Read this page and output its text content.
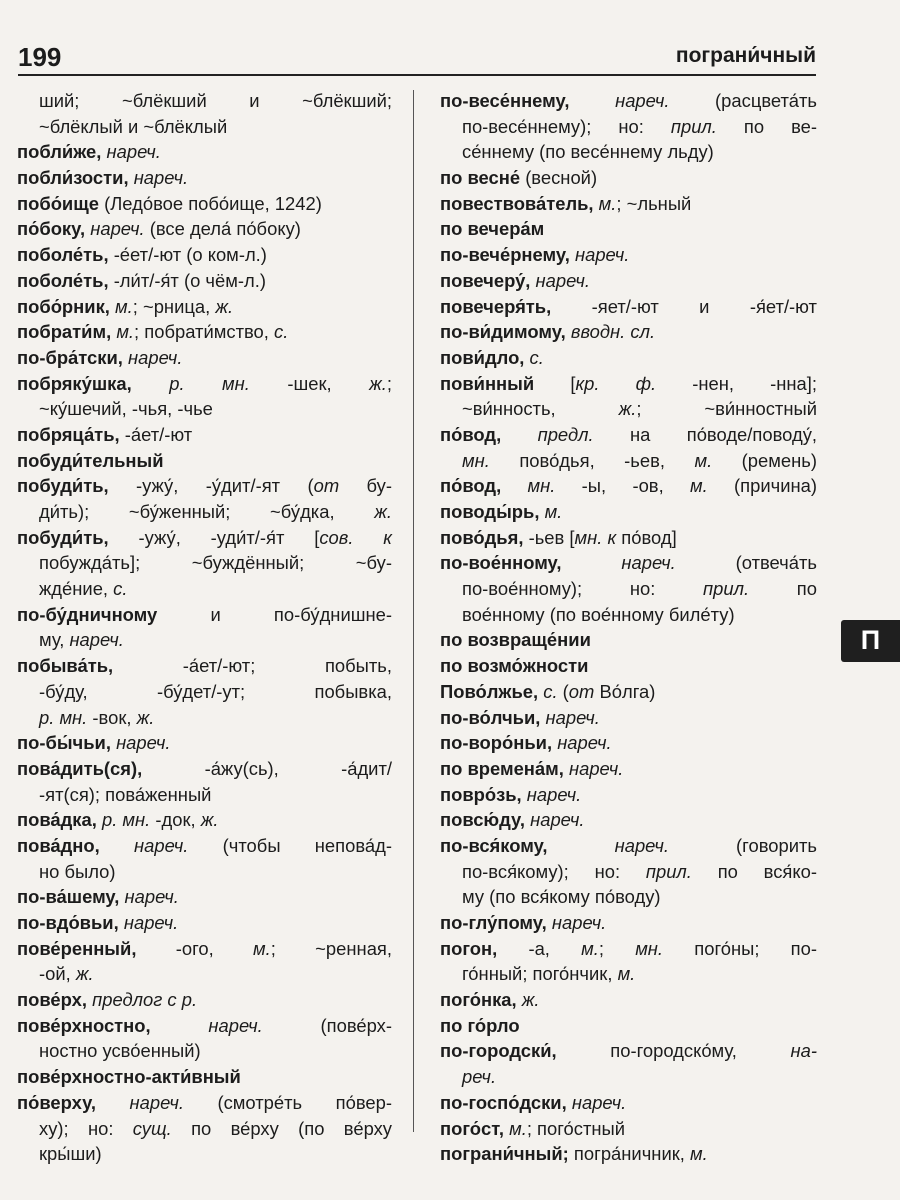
199	пограни́чный
ший; ~блёкший и ~блёкший;
~блёклый и ~блёклый
побли́же, нареч.
побли́зости, нареч.
побо́ище (Ледо́вое побо́ище, 1242)
по́боку, нареч. (все дела́ по́боку)
поболе́ть, -е́ет/-ют (о ком-л.)
поболе́ть, -ли́т/-я́т (о чём-л.)
побо́рник, м.; ~рница, ж.
побрати́м, м.; побрати́мство, с.
по-бра́тски, нареч.
побряку́шка, р. мн. -шек, ж.;
~ку́шечий, -чья, -чье
побряца́ть, -а́ет/-ют
побуди́тельный
побуди́ть, -ужу́, -у́дит/-ят (от бу-
ди́ть); ~бу́женный; ~бу́дка, ж.
побуди́ть, -ужу́, -уди́т/-я́т [сов. к
побужда́ть]; ~буждённый; ~бу-
жде́ние, с.
по-бу́дничному и по-бу́днишне-
му, нареч.
побыва́ть, -а́ет/-ют; побыть,
-бу́ду, -бу́дет/-ут; побывка,
р. мн. -вок, ж.
по-бы́чьи, нареч.
пова́дить(ся), -а́жу(сь), -а́дит/
-ят(ся); пова́женный
пова́дка, р. мн. -док, ж.
пова́дно, нареч. (чтобы непова́д-
но было)
по-ва́шему, нареч.
по-вдо́вьи, нареч.
пове́ренный, -ого, м.; ~ренная,
-ой, ж.
пове́рх, предлог с р.
пове́рхностно,	нареч. (пове́рх-
ностно усво́енный)
пове́рхностно-акти́вный
по́верху, нареч. (смотре́ть по́вер-
ху); но: сущ. по ве́рху (по ве́рху
кры́ши)
по-весе́ннему, нареч. (расцвета́ть
по-весе́ннему); но: прил. по ве-
се́ннему (по весе́ннему льду)
по весне́ (весной)
повествова́тель, м.; ~льный
по вечера́м
по-вече́рнему, нареч.
повечеру́, нареч.
повечеря́ть, -яет/-ют и -я́ет/-ют
по-ви́димому, вводн. сл.
пови́дло, с.
пови́нный [кр. ф. -нен, -нна];
~ви́нность, ж.; ~ви́нностный
по́вод, предл. на по́воде/поводу́,
мн. пово́дья, -ьев, м. (ремень)
по́вод, мн. -ы, -ов, м. (причина)
поводы́рь, м.
пово́дья, -ьев [мн. к по́вод]
по-вое́нному,	нареч. (отвеча́ть
по-вое́нному); но: прил. по
вое́нному (по вое́нному биле́ту)
по возвраще́нии
по возмо́жности
Пово́лжье, с. (от Во́лга)
по-во́лчьи, нареч.
по-воро́ньи, нареч.
по времена́м, нареч.
повро́зь, нареч.
повсю́ду, нареч.
по-вся́кому,	нареч. (говорить
по-вся́кому); но: прил. по вся́ко-
му (по вся́кому по́воду)
по-глу́пому, нареч.
погон, -а, м.; мн. пого́ны; по-
го́нный; пого́нчик, м.
пого́нка, ж.
по го́рло
по-городски́, по-городско́му, на-
реч.
по-госпо́дски, нареч.
пого́ст, м.; пого́стный
пограни́чный; погра́ничник, м.
П
